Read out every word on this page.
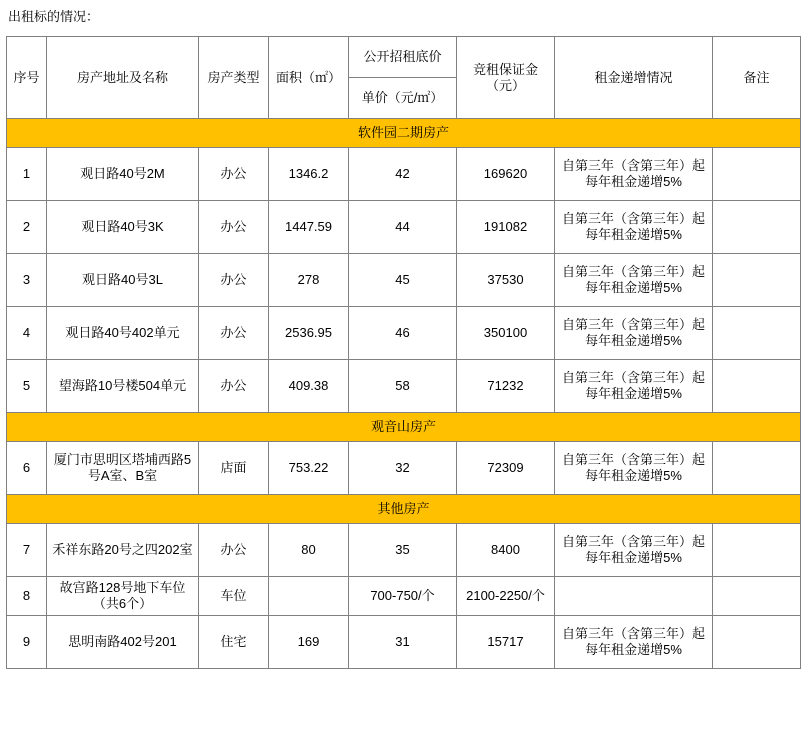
出租标的情况：
序号	房产地址及名称	房产类型	面积（㎡）	公开招租底价	竞租保证金（元）	租金递增情况	备注
				单价（元/㎡）			
软件园二期房产							
1	观日路40号2M	办公	1346.2	42	169620	自第三年（含第三年）起每年租金递增5%	
2	观日路40号3K	办公	1447.59	44	191082	自第三年（含第三年）起每年租金递增5%	
3	观日路40号3L	办公	278	45	37530	自第三年（含第三年）起每年租金递增5%	
4	观日路40号402单元	办公	2536.95	46	350100	自第三年（含第三年）起每年租金递增5%	
5	望海路10号楼504单元	办公	409.38	58	71232	自第三年（含第三年）起每年租金递增5%	
观音山房产							
6	厦门市思明区塔埔西路5号A室、B室	店面	753.22	32	72309	自第三年（含第三年）起每年租金递增5%	
其他房产							
7	禾祥东路20号之四202室	办公	80	35	8400	自第三年（含第三年）起每年租金递增5%	
8	故宫路128号地下车位（共6个）	车位		700-750/个	2100-2250/个		
9	思明南路402号201	住宅	169	31	15717	自第三年（含第三年）起每年租金递增5%	
